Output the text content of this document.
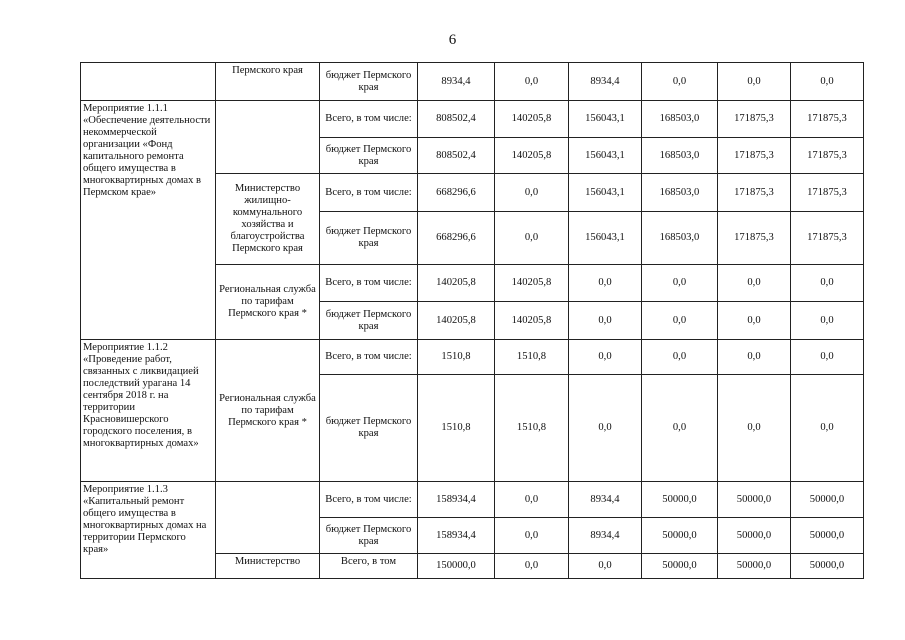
6
	Пермского края	бюджет Пермского края	8934,4	0,0	8934,4	0,0	0,0	0,0
Мероприятие 1.1.1 «Обеспечение деятельности некоммерческой организации «Фонд капитального ремонта общего имущества в многоквартирных домах в Пермском крае»		Всего, в том числе:	808502,4	140205,8	156043,1	168503,0	171875,3	171875,3
		бюджет Пермского края	808502,4	140205,8	156043,1	168503,0	171875,3	171875,3
	Министерство жилищно-коммунального хозяйства и благоустройства Пермского края	Всего, в том числе:	668296,6	0,0	156043,1	168503,0	171875,3	171875,3
		бюджет Пермского края	668296,6	0,0	156043,1	168503,0	171875,3	171875,3
	Региональная служба по тарифам Пермского края *	Всего, в том числе:	140205,8	140205,8	0,0	0,0	0,0	0,0
		бюджет Пермского края	140205,8	140205,8	0,0	0,0	0,0	0,0
Мероприятие 1.1.2 «Проведение работ, связанных с ликвидацией последствий урагана 14 сентября 2018 г. на территории Красновишерского городского поселения, в многоквартирных домах»	Региональная служба по тарифам Пермского края *	Всего, в том числе:	1510,8	1510,8	0,0	0,0	0,0	0,0
		бюджет Пермского края	1510,8	1510,8	0,0	0,0	0,0	0,0
Мероприятие 1.1.3 «Капитальный ремонт общего имущества в многоквартирных домах на территории Пермского края»		Всего, в том числе:	158934,4	0,0	8934,4	50000,0	50000,0	50000,0
		бюджет Пермского края	158934,4	0,0	8934,4	50000,0	50000,0	50000,0
	Министерство	Всего, в том	150000,0	0,0	0,0	50000,0	50000,0	50000,0
